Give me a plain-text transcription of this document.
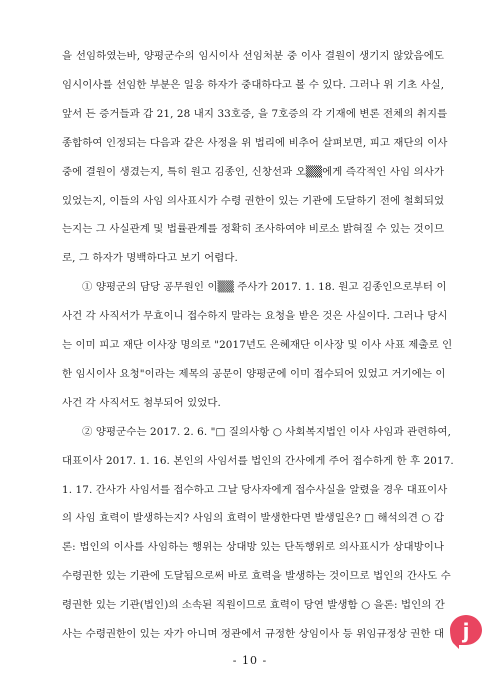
을 선임하였는바, 양평군수의 임시이사 선임처분 중 이사 결원이 생기지 않았음에도
임시이사를 선임한 부분은 일응 하자가 중대하다고 볼 수 있다. 그러나 위 기초 사실,
앞서 든 증거들과 갑 21, 28 내지 33호증, 을 7호증의 각 기재에 변론 전체의 취지를
종합하여 인정되는 다음과 같은 사정을 위 법리에 비추어 살펴보면, 피고 재단의 이사
중에 결원이 생겼는지, 특히 원고 김종인, 신창선과 오▒▒에게 즉각적인 사임 의사가
있었는지, 이들의 사임 의사표시가 수령 권한이 있는 기관에 도달하기 전에 철회되었
는지는 그 사실관계 및 법률관계를 정확히 조사하여야 비로소 밝혀질 수 있는 것이므
로, 그 하자가 명백하다고 보기 어렵다.
① 양평군의 담당 공무원인 이▒▒ 주사가 2017. 1. 18. 원고 김종인으로부터 이
사건 각 사직서가 무효이니 접수하지 말라는 요청을 받은 것은 사실이다. 그러나 당시
는 이미 피고 재단 이사장 명의로 "2017년도 은혜재단 이사장 및 이사 사표 제출로 인
한 임시이사 요청"이라는 제목의 공문이 양평군에 이미 접수되어 있었고 거기에는 이
사건 각 사직서도 첨부되어 있었다.
② 양평군수는 2017. 2. 6. "□ 질의사항 ○ 사회복지법인 이사 사임과 관련하여,
대표이사 2017. 1. 16. 본인의 사임서를 법인의 간사에게 주어 접수하게 한 후 2017.
1. 17. 간사가 사임서를 접수하고 그날 당사자에게 접수사실을 알렸을 경우 대표이사
의 사임 효력이 발생하는지? 사임의 효력이 발생한다면 발생일은? □ 해석의견 ○ 갑
론: 법인의 이사를 사임하는 행위는 상대방 있는 단독행위로 의사표시가 상대방이나
수령권한 있는 기관에 도달됨으로써 바로 효력을 발생하는 것이므로 법인의 간사도 수
령권한 있는 기관(법인)의 소속된 직원이므로 효력이 당연 발생함 ○ 을론: 법인의 간
사는 수령권한이 있는 자가 아니며 정관에서 규정한 상임이사 등 위임규정상 권한 대
- 10 -
j
